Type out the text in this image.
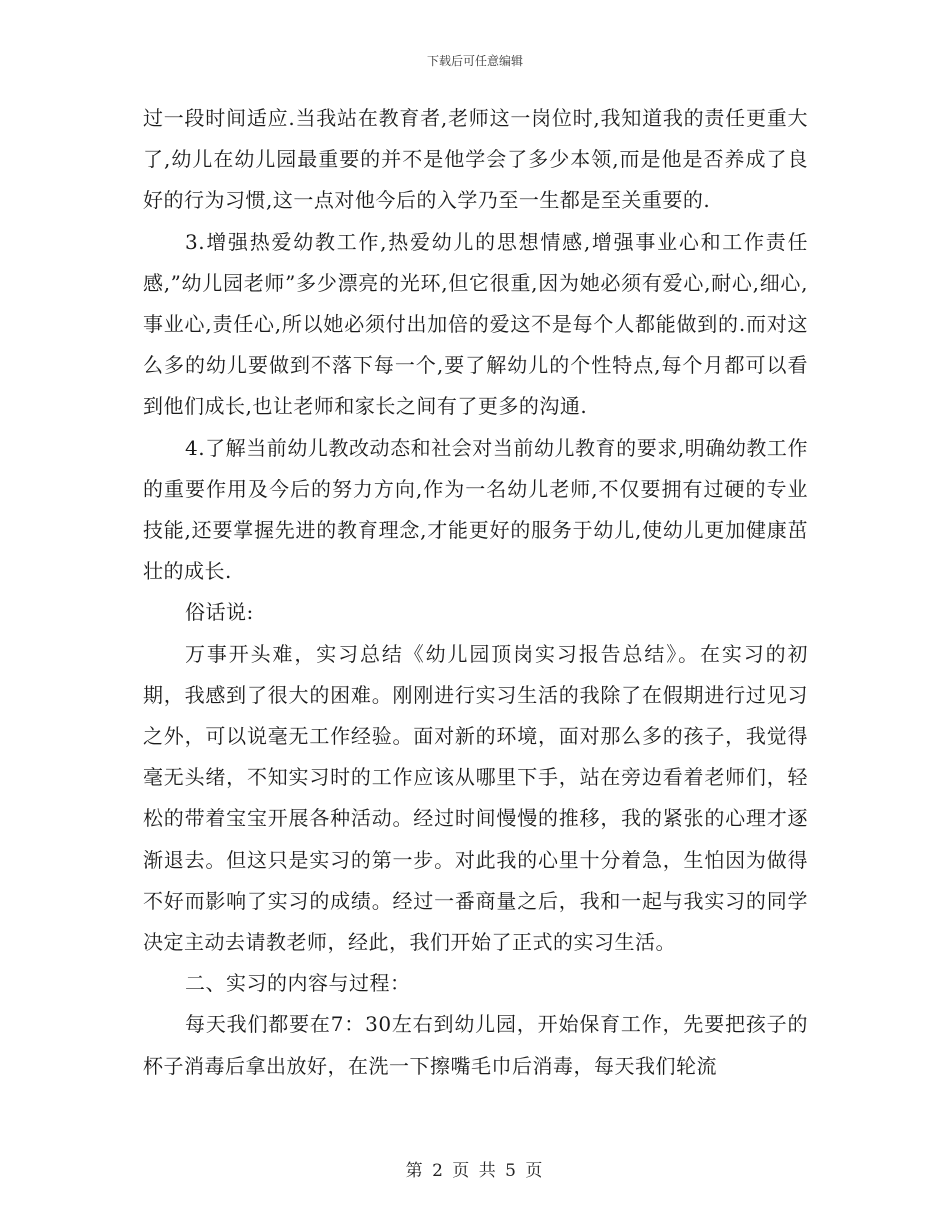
下载后可任意编辑

过一段时间适应.当我站在教育者,老师这一岗位时,我知道我的责任更重大了,幼儿在幼儿园最重要的并不是他学会了多少本领,而是他是否养成了良好的行为习惯,这一点对他今后的入学乃至一生都是至关重要的.

3.增强热爱幼教工作,热爱幼儿的思想情感,增强事业心和工作责任感,”幼儿园老师”多少漂亮的光环,但它很重,因为她必须有爱心,耐心,细心,事业心,责任心,所以她必须付出加倍的爱这不是每个人都能做到的.而对这么多的幼儿要做到不落下每一个,要了解幼儿的个性特点,每个月都可以看到他们成长,也让老师和家长之间有了更多的沟通.

4.了解当前幼儿教改动态和社会对当前幼儿教育的要求,明确幼教工作的重要作用及今后的努力方向,作为一名幼儿老师,不仅要拥有过硬的专业技能,还要掌握先进的教育理念,才能更好的服务于幼儿,使幼儿更加健康茁壮的成长.

俗话说:

万事开头难，实习总结《幼儿园顶岗实习报告总结》。在实习的初期，我感到了很大的困难。刚刚进行实习生活的我除了在假期进行过见习之外，可以说毫无工作经验。面对新的环境，面对那么多的孩子，我觉得毫无头绪，不知实习时的工作应该从哪里下手，站在旁边看着老师们，轻松的带着宝宝开展各种活动。经过时间慢慢的推移，我的紧张的心理才逐渐退去。但这只是实习的第一步。对此我的心里十分着急，生怕因为做得不好而影响了实习的成绩。经过一番商量之后，我和一起与我实习的同学决定主动去请教老师，经此，我们开始了正式的实习生活。

二、实习的内容与过程：

每天我们都要在7：30左右到幼儿园，开始保育工作，先要把孩子的杯子消毒后拿出放好，在洗一下擦嘴毛巾后消毒，每天我们轮流

第 2 页 共 5 页
